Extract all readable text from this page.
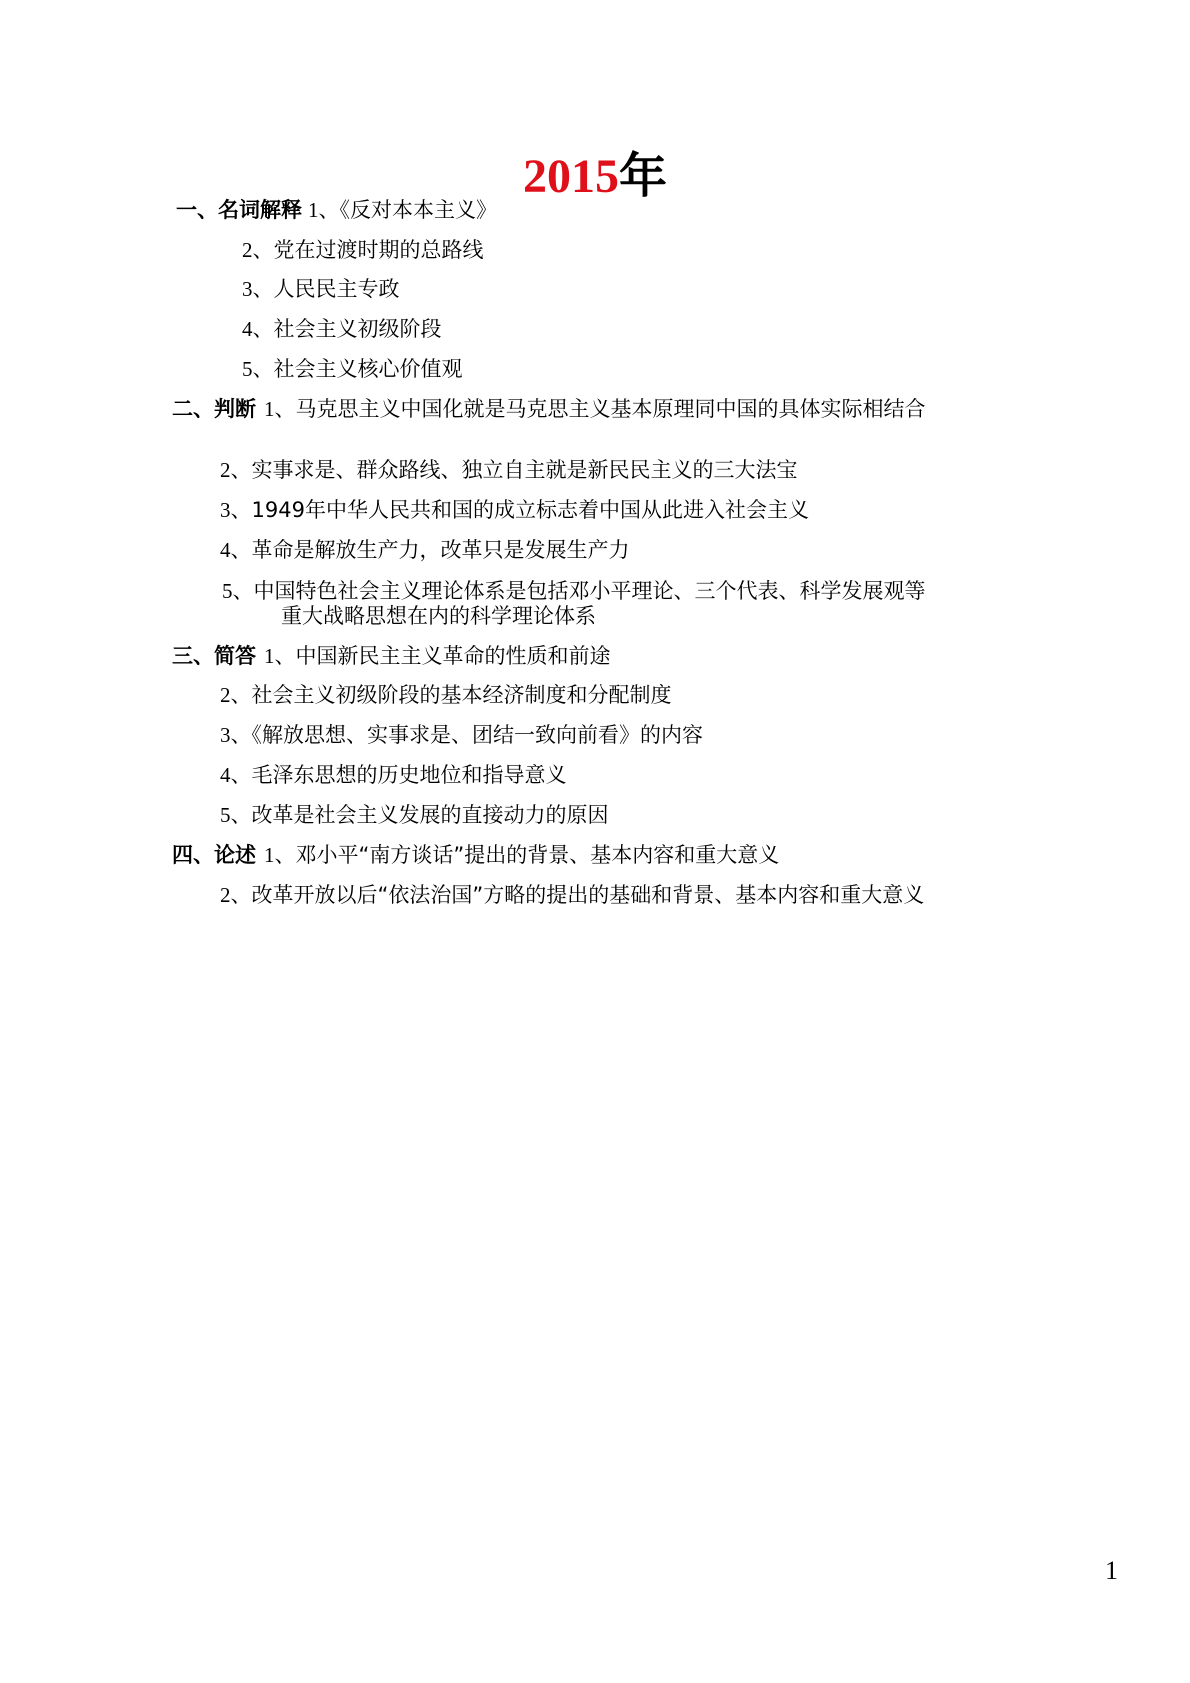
2015年
一、名词解释 1、《反对本本主义》
2、党在过渡时期的总路线
3、人民民主专政
4、社会主义初级阶段
5、社会主义核心价值观
二、判断 1、马克思主义中国化就是马克思主义基本原理同中国的具体实际相结合
2、实事求是、群众路线、独立自主就是新民民主义的三大法宝
3、1949年中华人民共和国的成立标志着中国从此进入社会主义
4、革命是解放生产力，改革只是发展生产力
5、中国特色社会主义理论体系是包括邓小平理论、三个代表、科学发展观等
重大战略思想在内的科学理论体系
三、简答 1、中国新民主主义革命的性质和前途
2、社会主义初级阶段的基本经济制度和分配制度
3、《解放思想、实事求是、团结一致向前看》的内容
4、毛泽东思想的历史地位和指导意义
5、改革是社会主义发展的直接动力的原因
四、论述 1、邓小平“南方谈话”提出的背景、基本内容和重大意义
2、改革开放以后“依法治国”方略的提出的基础和背景、基本内容和重大意义
1
